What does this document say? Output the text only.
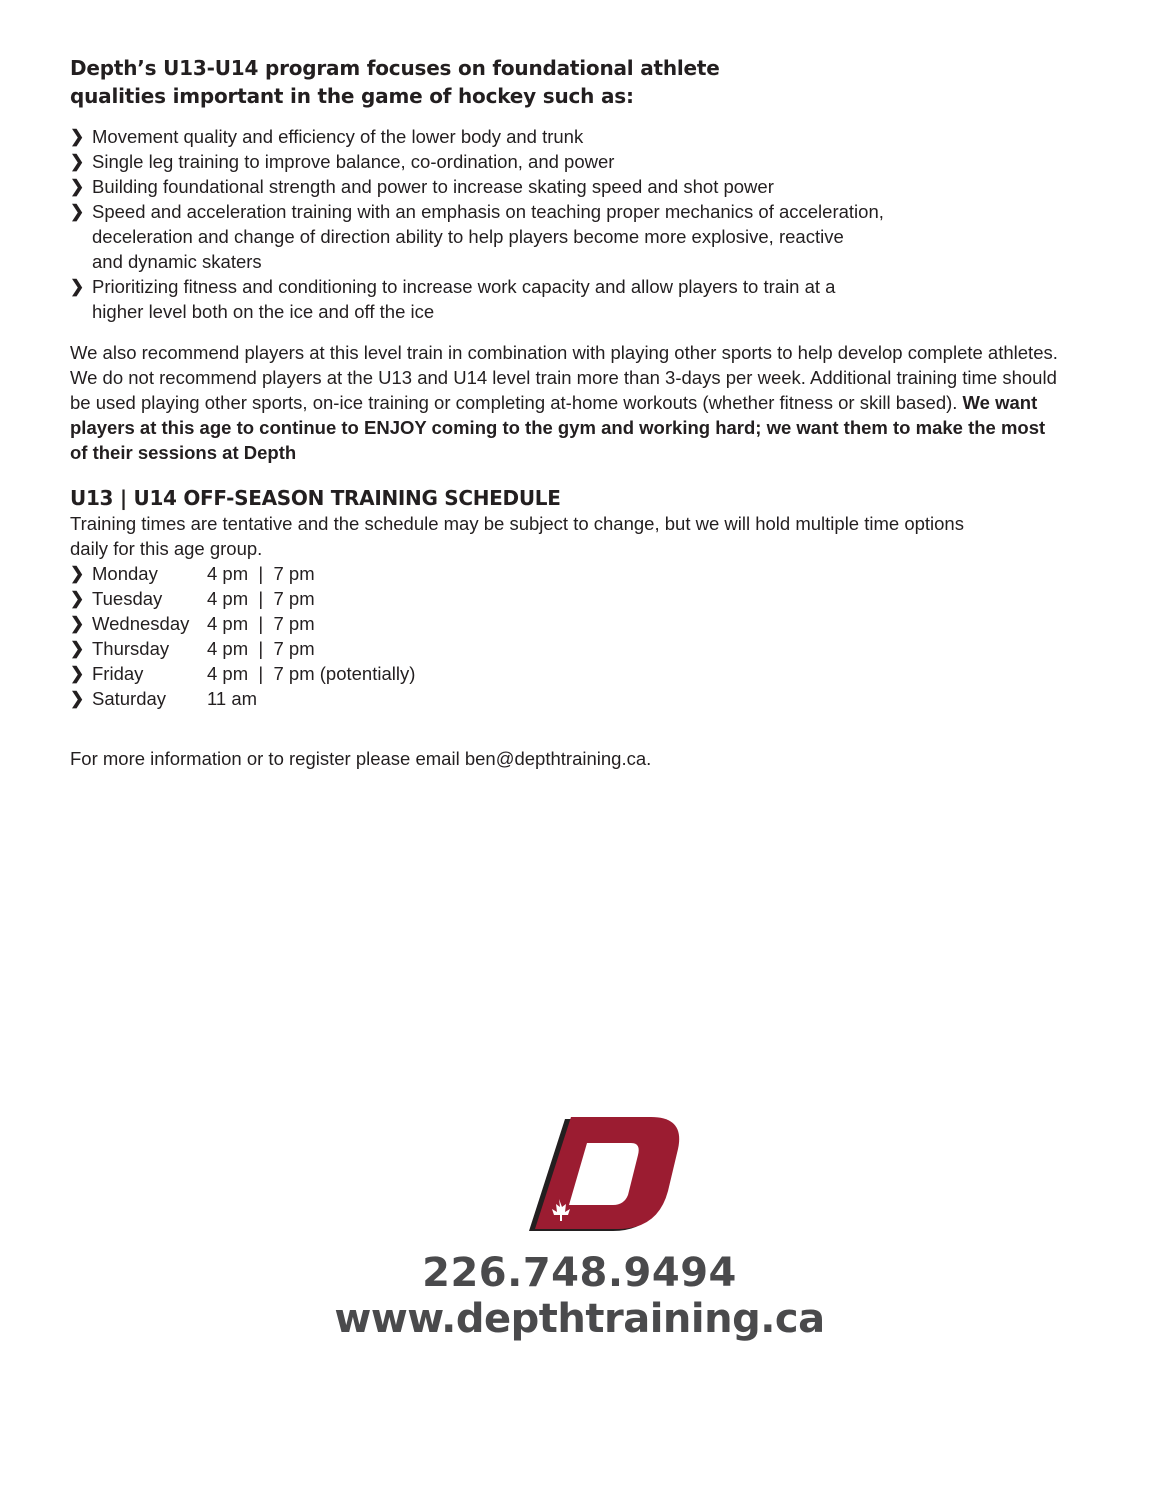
Depth’s U13-U14 program focuses on foundational athlete
qualities important in the game of hockey such as:
❯ Movement quality and efficiency of the lower body and trunk
❯ Single leg training to improve balance, co-ordination, and power
❯ Building foundational strength and power to increase skating speed and shot power
❯ Speed and acceleration training with an emphasis on teaching proper mechanics of acceleration,
deceleration and change of direction ability to help players become more explosive, reactive
and dynamic skaters
❯ Prioritizing fitness and conditioning to increase work capacity and allow players to train at a
higher level both on the ice and off the ice

We also recommend players at this level train in combination with playing other sports to help develop complete athletes.
We do not recommend players at the U13 and U14 level train more than 3-days per week. Additional training time should
be used playing other sports, on-ice training or completing at-home workouts (whether fitness or skill based). We want
players at this age to continue to ENJOY coming to the gym and working hard; we want them to make the most
of their sessions at Depth

U13 | U14 OFF-SEASON TRAINING SCHEDULE

Training times are tentative and the schedule may be subject to change, but we will hold multiple time options
daily for this age group.

❯ Monday	4 pm  |  7 pm
❯ Tuesday 4 pm  |  7 pm
❯ Wednesday 4 pm  |  7 pm
❯ Thursday 4 pm  |  7 pm
❯ Friday	4 pm  |  7 pm (potentially)
❯ Saturday 11 am

For more information or to register please email ben@depthtraining.ca.

226.748.9494
www.depthtraining.ca
